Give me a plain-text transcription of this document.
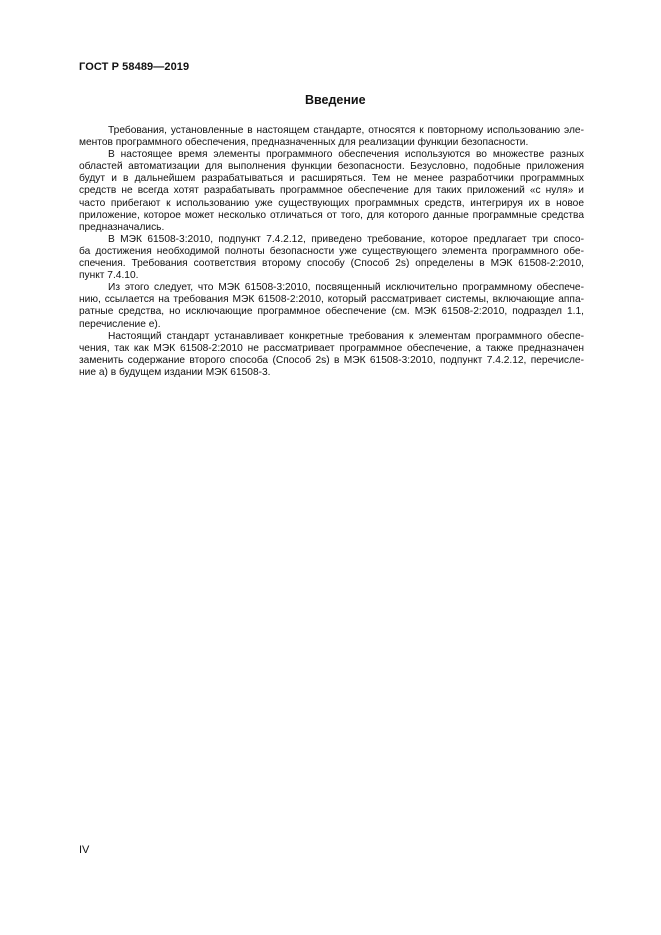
ГОСТ Р 58489—2019
Введение

Требования, установленные в настоящем стандарте, относятся к повторному использованию эле-
ментов программного обеспечения, предназначенных для реализации функции безопасности.

В настоящее время элементы программного обеспечения используются во множестве разных
областей автоматизации для выполнения функции безопасности. Безусловно, подобные приложения
будут и в дальнейшем разрабатываться и расширяться. Тем не менее разработчики программных
средств не всегда хотят разрабатывать программное обеспечение для таких приложений «с нуля» и
часто прибегают к использованию уже существующих программных средств, интегрируя их в новое
приложение, которое может несколько отличаться от того, для которого данные программные средства
предназначались.

В МЭК 61508-3:2010, подпункт 7.4.2.12, приведено требование, которое предлагает три спосо-
ба достижения необходимой полноты безопасности уже существующего элемента программного обе-
спечения. Требования соответствия второму способу (Способ 2s) определены в МЭК 61508-2:2010,
пункт 7.4.10.

Из этого следует, что МЭК 61508-3:2010, посвященный исключительно программному обеспече-
нию, ссылается на требования МЭК 61508-2:2010, который рассматривает системы, включающие аппа-
ратные средства, но исключающие программное обеспечение (см. МЭК 61508-2:2010, подраздел 1.1,
перечисление е).

Настоящий стандарт устанавливает конкретные требования к элементам программного обеспе-
чения, так как МЭК 61508-2:2010 не рассматривает программное обеспечение, а также предназначен
заменить содержание второго способа (Способ 2s) в МЭК 61508-3:2010, подпункт 7.4.2.12, перечисле-
ние а) в будущем издании МЭК 61508-3.

IV
